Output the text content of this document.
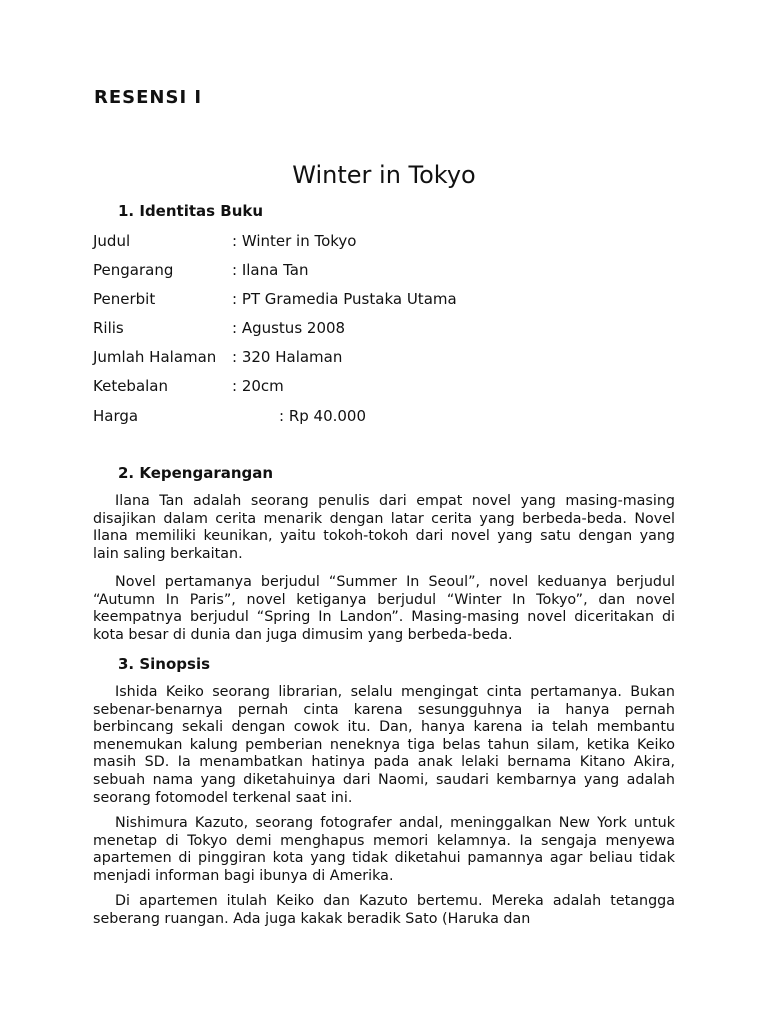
RESENSI I
Winter in Tokyo
1. Identitas Buku
Judul	: Winter in Tokyo
Pengarang	: Ilana Tan
Penerbit	: PT Gramedia Pustaka Utama
Rilis	: Agustus 2008
Jumlah Halaman : 320 Halaman
Ketebalan	: 20cm
Harga	: Rp 40.000
2. Kepengarangan
Ilana Tan adalah seorang penulis dari empat novel yang masing-masing disajikan dalam cerita menarik dengan latar cerita yang berbeda-beda. Novel Ilana memiliki keunikan, yaitu tokoh-tokoh dari novel yang satu dengan yang lain saling berkaitan.
Novel pertamanya berjudul “Summer In Seoul”, novel keduanya berjudul “Autumn In Paris”, novel ketiganya berjudul “Winter In Tokyo”, dan novel keempatnya berjudul “Spring In Landon”. Masing-masing novel diceritakan di kota besar di dunia dan juga dimusim yang berbeda-beda.
3. Sinopsis
Ishida Keiko seorang librarian, selalu mengingat cinta pertamanya. Bukan sebenar-benarnya pernah cinta karena sesungguhnya ia hanya pernah berbincang sekali dengan cowok itu. Dan, hanya karena ia telah membantu menemukan kalung pemberian neneknya tiga belas tahun silam, ketika Keiko masih SD. Ia menambatkan hatinya pada anak lelaki bernama Kitano Akira, sebuah nama yang diketahuinya dari Naomi, saudari kembarnya yang adalah seorang fotomodel terkenal saat ini.
Nishimura Kazuto, seorang fotografer andal, meninggalkan New York untuk menetap di Tokyo demi menghapus memori kelamnya. Ia sengaja menyewa apartemen di pinggiran kota yang tidak diketahui pamannya agar beliau tidak menjadi informan bagi ibunya di Amerika.
Di apartemen itulah Keiko dan Kazuto bertemu. Mereka adalah tetangga seberang ruangan. Ada juga kakak beradik Sato (Haruka dan
